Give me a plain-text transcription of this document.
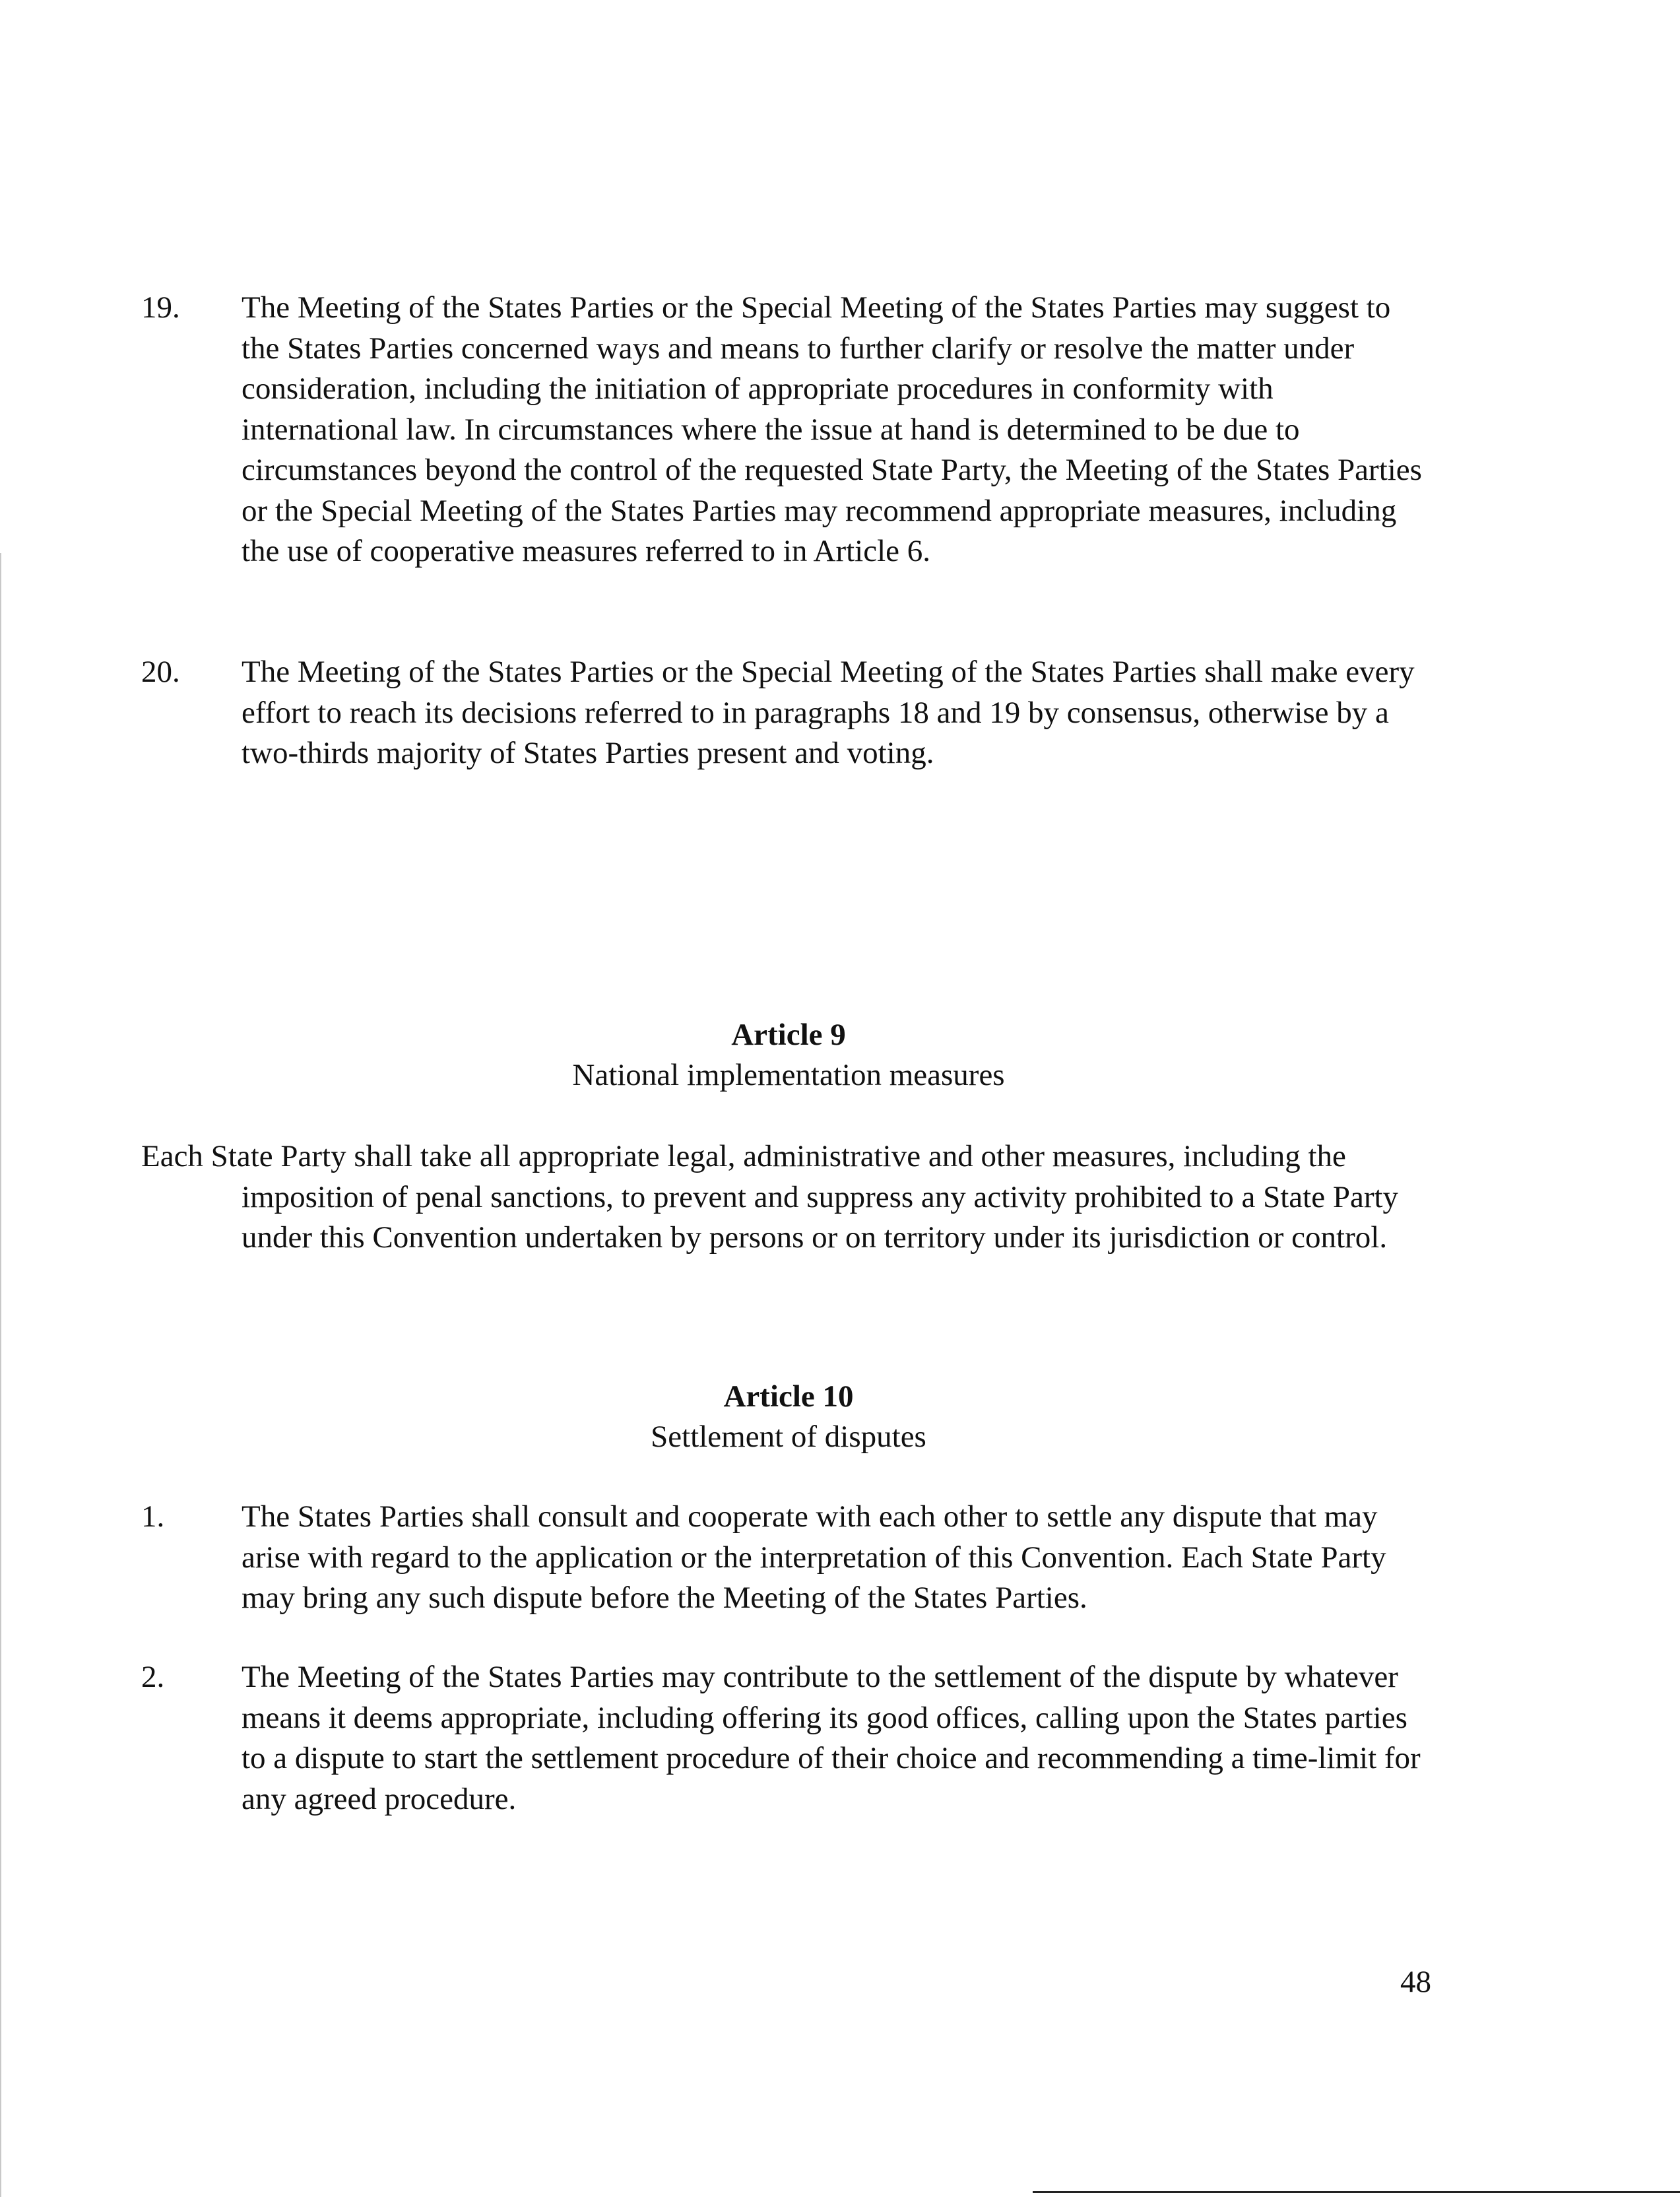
19. The Meeting of the States Parties or the Special Meeting of the States Parties may suggest to the States Parties concerned ways and means to further clarify or resolve the matter under consideration, including the initiation of appropriate procedures in conformity with international law. In circumstances where the issue at hand is determined to be due to circumstances beyond the control of the requested State Party, the Meeting of the States Parties or the Special Meeting of the States Parties may recommend appropriate measures, including the use of cooperative measures referred to in Article 6.
20. The Meeting of the States Parties or the Special Meeting of the States Parties shall make every effort to reach its decisions referred to in paragraphs 18 and 19 by consensus, otherwise by a two-thirds majority of States Parties present and voting.
Article 9
National implementation measures
Each State Party shall take all appropriate legal, administrative and other measures, including the imposition of penal sanctions, to prevent and suppress any activity prohibited to a State Party under this Convention undertaken by persons or on territory under its jurisdiction or control.
Article 10
Settlement of disputes
1. The States Parties shall consult and cooperate with each other to settle any dispute that may arise with regard to the application or the interpretation of this Convention. Each State Party may bring any such dispute before the Meeting of the States Parties.
2. The Meeting of the States Parties may contribute to the settlement of the dispute by whatever means it deems appropriate, including offering its good offices, calling upon the States parties to a dispute to start the settlement procedure of their choice and recommending a time-limit for any agreed procedure.
48
